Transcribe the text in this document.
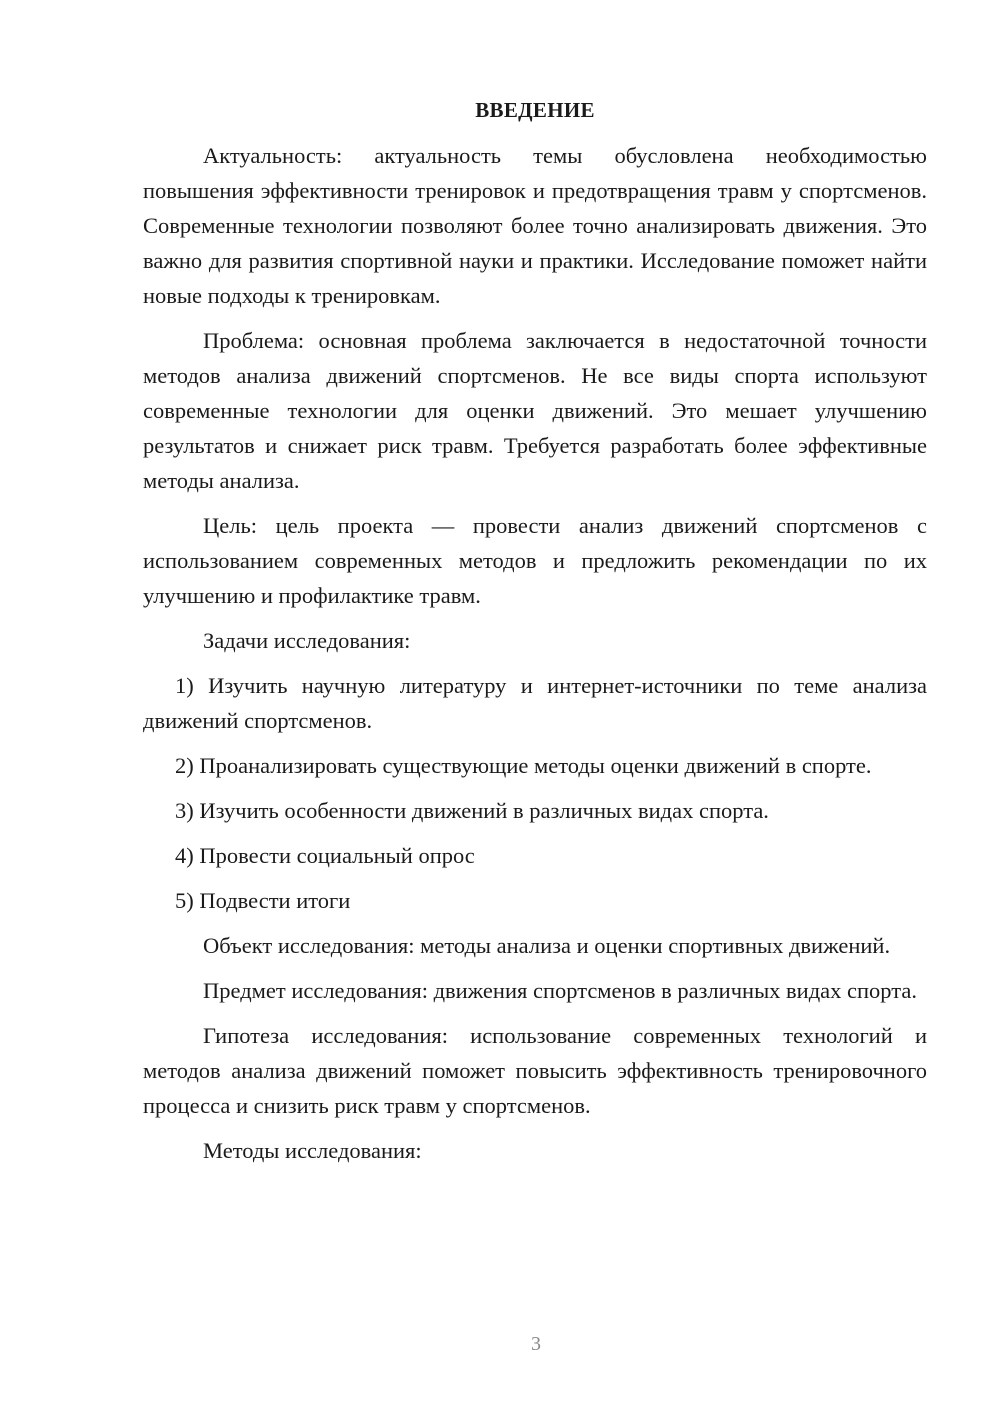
ВВЕДЕНИЕ

Актуальность: актуальность темы обусловлена необходимостью повышения эффективности тренировок и предотвращения травм у спортсменов. Современные технологии позволяют более точно анализировать движения. Это важно для развития спортивной науки и практики. Исследование поможет найти новые подходы к тренировкам.

Проблема: основная проблема заключается в недостаточной точности методов анализа движений спортсменов. Не все виды спорта используют современные технологии для оценки движений. Это мешает улучшению результатов и снижает риск травм. Требуется разработать более эффективные методы анализа.

Цель: цель проекта — провести анализ движений спортсменов с использованием современных методов и предложить рекомендации по их улучшению и профилактике травм.

Задачи исследования:

1) Изучить научную литературу и интернет-источники по теме анализа движений спортсменов.

2) Проанализировать существующие методы оценки движений в спорте.

3) Изучить особенности движений в различных видах спорта.

4) Провести социальный опрос

5) Подвести итоги

Объект исследования: методы анализа и оценки спортивных движений.

Предмет исследования: движения спортсменов в различных видах спорта.

Гипотеза исследования: использование современных технологий и методов анализа движений поможет повысить эффективность тренировочного процесса и снизить риск травм у спортсменов.

Методы исследования:

3
